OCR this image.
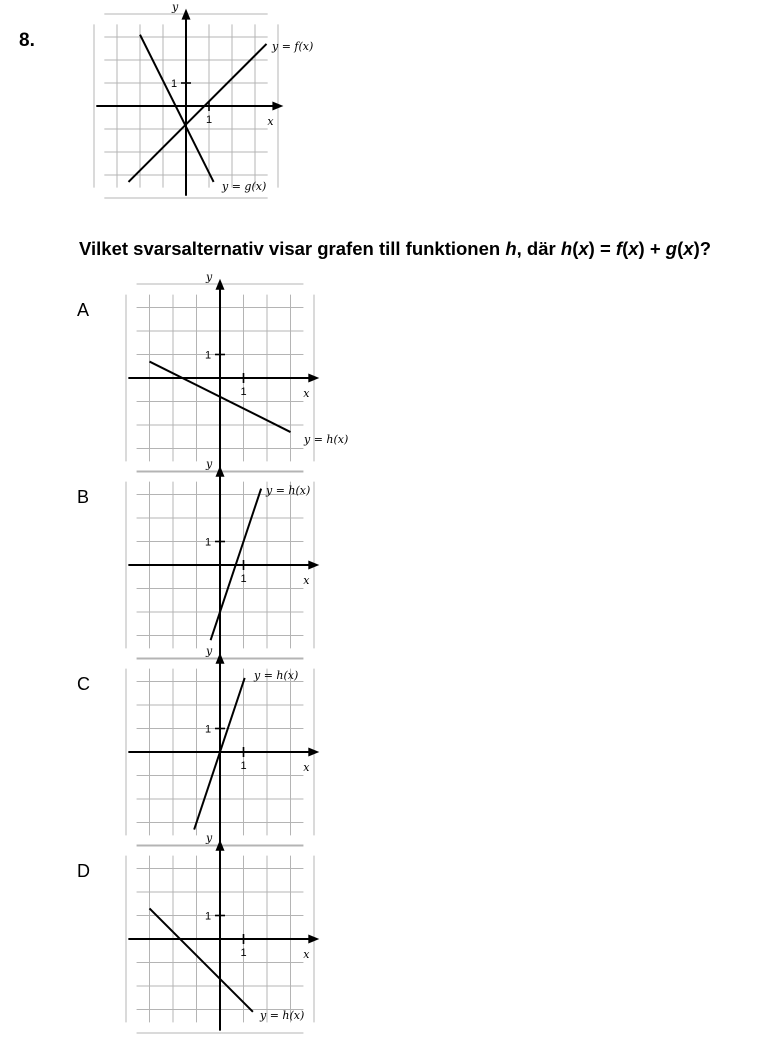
8.
Vilket svarsalternativ visar grafen till funktionen h, där h(x) = f(x) + g(x)?
A
B
C
D
1
1
x
y
y = f(x)
y = g(x)
1
1
x
y
y = h(x)
1
1
x
y
y = h(x)
1
1
x
y
y = h(x)
1
1
x
y
y = h(x)
